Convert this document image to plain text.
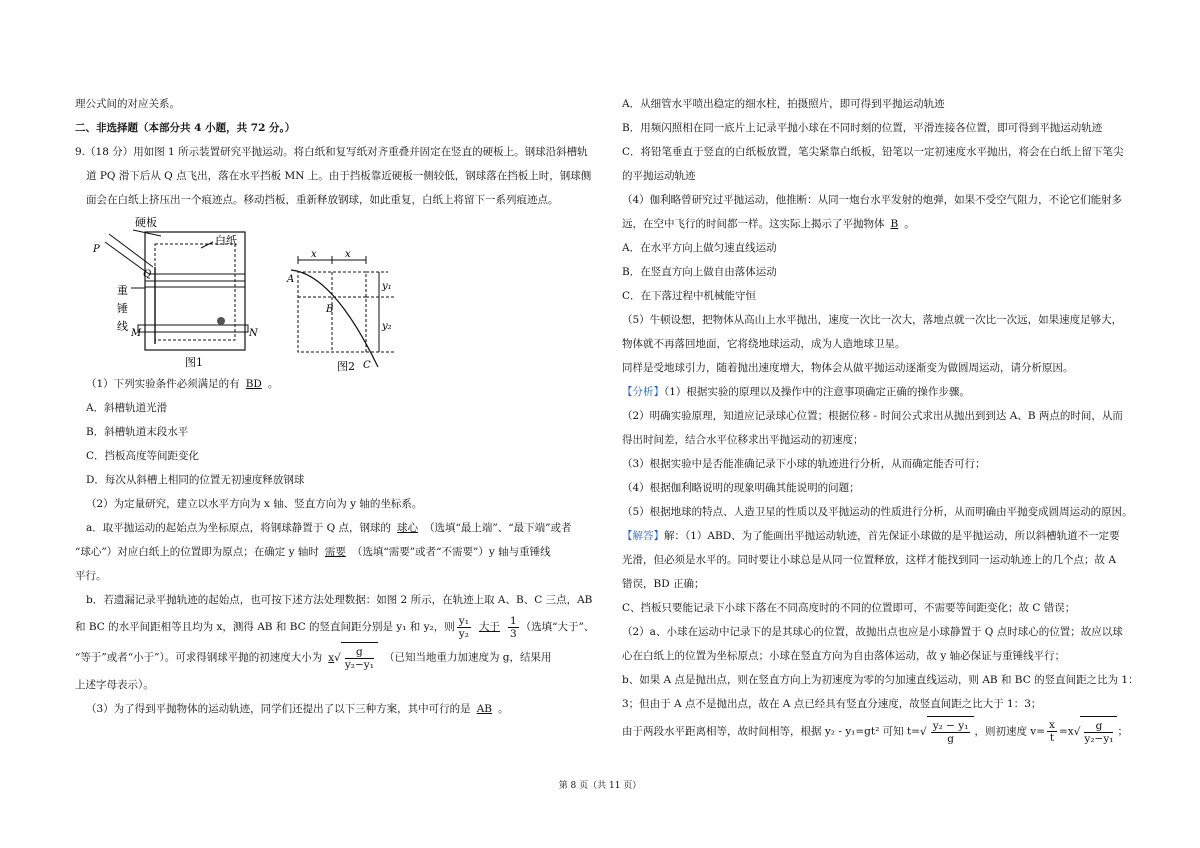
理公式间的对应关系。
二、非选择题（本部分共 4 小题，共 72 分。）
9.（18 分）用如图 1 所示装置研究平抛运动。将白纸和复写纸对齐重叠并固定在竖直的硬板上。钢球沿斜槽轨
道 PQ 滑下后从 Q 点飞出，落在水平挡板 MN 上。由于挡板靠近硬板一侧较低，钢球落在挡板上时，钢球侧
面会在白纸上挤压出一个痕迹点。移动挡板，重新释放钢球，如此重复，白纸上将留下一系列痕迹点。
硬板
白纸
P
Q
重
锤
线
M	N
图1
x	x
A
B
C
y₁
y₂
图2
（1）下列实验条件必须满足的有 BD 。
A．斜槽轨道光滑
B．斜槽轨道末段水平
C．挡板高度等间距变化
D．每次从斜槽上相同的位置无初速度释放钢球
（2）为定量研究，建立以水平方向为 x 轴、竖直方向为 y 轴的坐标系。
a．取平抛运动的起始点为坐标原点，将钢球静置于 Q 点，钢球的 球心 （选填“最上端”、“最下端”或者
“球心”）对应白纸上的位置即为原点；在确定 y 轴时 需要 （选填“需要”或者“不需要”）y 轴与重锤线
平行。
b．若遗漏记录平抛轨迹的起始点，也可按下述方法处理数据：如图 2 所示，在轨迹上取 A、B、C 三点，AB
和 BC 的水平间距相等且均为 x，测得 AB 和 BC 的竖直间距分别是 y₁ 和 y₂，则 $\frac{\text{y₁}}{\text{y₂}}$ 大于 $\frac{1}{3}$ （选填“大于”、
“等于”或者“小于”）。可求得钢球平抛的初速度大小为 $x√ \frac{g}{\text{y₂−y₁}}$ （已知当地重力加速度为 g，结果用
上述字母表示）。
（3）为了得到平抛物体的运动轨迹，同学们还提出了以下三种方案，其中可行的是 AB 。
A．从细管水平喷出稳定的细水柱，拍摄照片，即可得到平抛运动轨迹
B．用频闪照相在同一底片上记录平抛小球在不同时刻的位置，平滑连接各位置，即可得到平抛运动轨迹
C．将铅笔垂直于竖直的白纸板放置，笔尖紧靠白纸板，铅笔以一定初速度水平抛出，将会在白纸上留下笔尖
的平抛运动轨迹
（4）伽利略曾研究过平抛运动，他推断：从同一炮台水平发射的炮弹，如果不受空气阻力，不论它们能射多
远，在空中飞行的时间都一样。这实际上揭示了平抛物体 B 。
A．在水平方向上做匀速直线运动
B．在竖直方向上做自由落体运动
C．在下落过程中机械能守恒
（5）牛顿设想，把物体从高山上水平抛出，速度一次比一次大，落地点就一次比一次远，如果速度足够大，
物体就不再落回地面，它将绕地球运动，成为人造地球卫星。
同样是受地球引力，随着抛出速度增大，物体会从做平抛运动逐渐变为做圆周运动，请分析原因。
【分析】（1）根据实验的原理以及操作中的注意事项确定正确的操作步骤。
（2）明确实验原理，知道应记录球心位置；根据位移 - 时间公式求出从抛出到到达 A、B 两点的时间，从而
得出时间差，结合水平位移求出平抛运动的初速度；
（3）根据实验中是否能准确记录下小球的轨迹进行分析，从而确定能否可行；
（4）根据伽利略说明的现象明确其能说明的问题；
（5）根据地球的特点、人造卫星的性质以及平抛运动的性质进行分析，从而明确由平抛变成圆周运动的原因。
【解答】解：（1）ABD、为了能画出平抛运动轨迹，首先保证小球做的是平抛运动，所以斜槽轨道不一定要
光滑，但必须是水平的。同时要让小球总是从同一位置释放，这样才能找到同一运动轨迹上的几个点；故 A
错误，BD 正确；
C、挡板只要能记录下小球下落在不同高度时的不同的位置即可，不需要等间距变化；故 C 错误；
（2）a、小球在运动中记录下的是其球心的位置，故抛出点也应是小球静置于 Q 点时球心的位置；故应以球
心在白纸上的位置为坐标原点；小球在竖直方向为自由落体运动，故 y 轴必保证与重锤线平行；
b、如果 A 点是抛出点，则在竖直方向上为初速度为零的匀加速直线运动，则 AB 和 BC 的竖直间距之比为 1：
3；但由于 A 点不是抛出点，故在 A 点已经具有竖直分速度，故竖直间距之比大于 1：3；
由于两段水平距离相等，故时间相等，根据 y₂ - y₁=gt² 可知 $t=√ \frac{\text{y₂ − y₁}}{g}$ ，则初速度 $v= \frac{x}{t} =x√ \frac{g}{\text{y₂−y₁}}$ ；
第 8 页（共 11 页）
